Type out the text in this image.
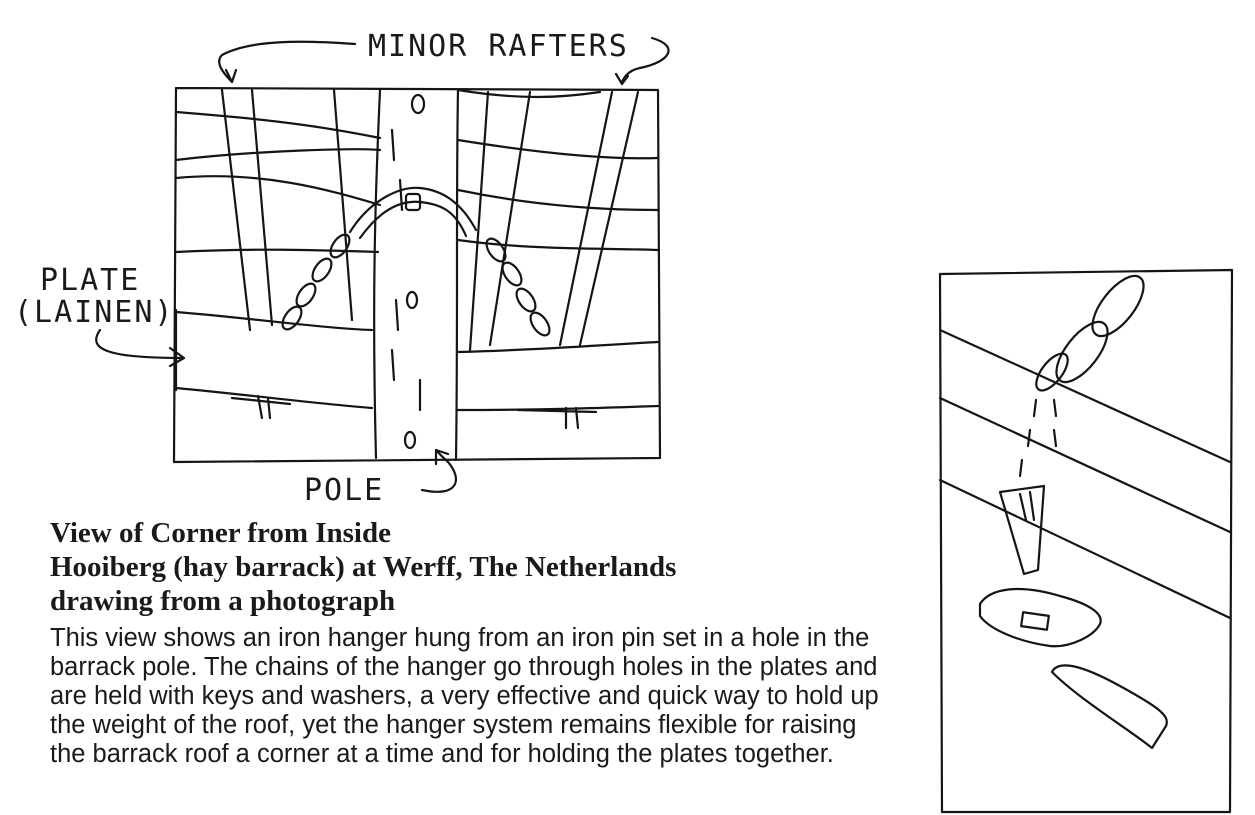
MINOR RAFTERS
PLATE
(LAINEN)
POLE

View of Corner from Inside

Hooiberg (hay barrack) at Werff, The Netherlands

drawing from a photograph

This view shows an iron hanger hung from an iron pin set in a hole in the barrack pole. The chains of the hanger go through holes in the plates and are held with keys and washers, a very effective and quick way to hold up the weight of the roof, yet the hanger system remains flexible for raising the barrack roof a corner at a time and for holding the plates together.
